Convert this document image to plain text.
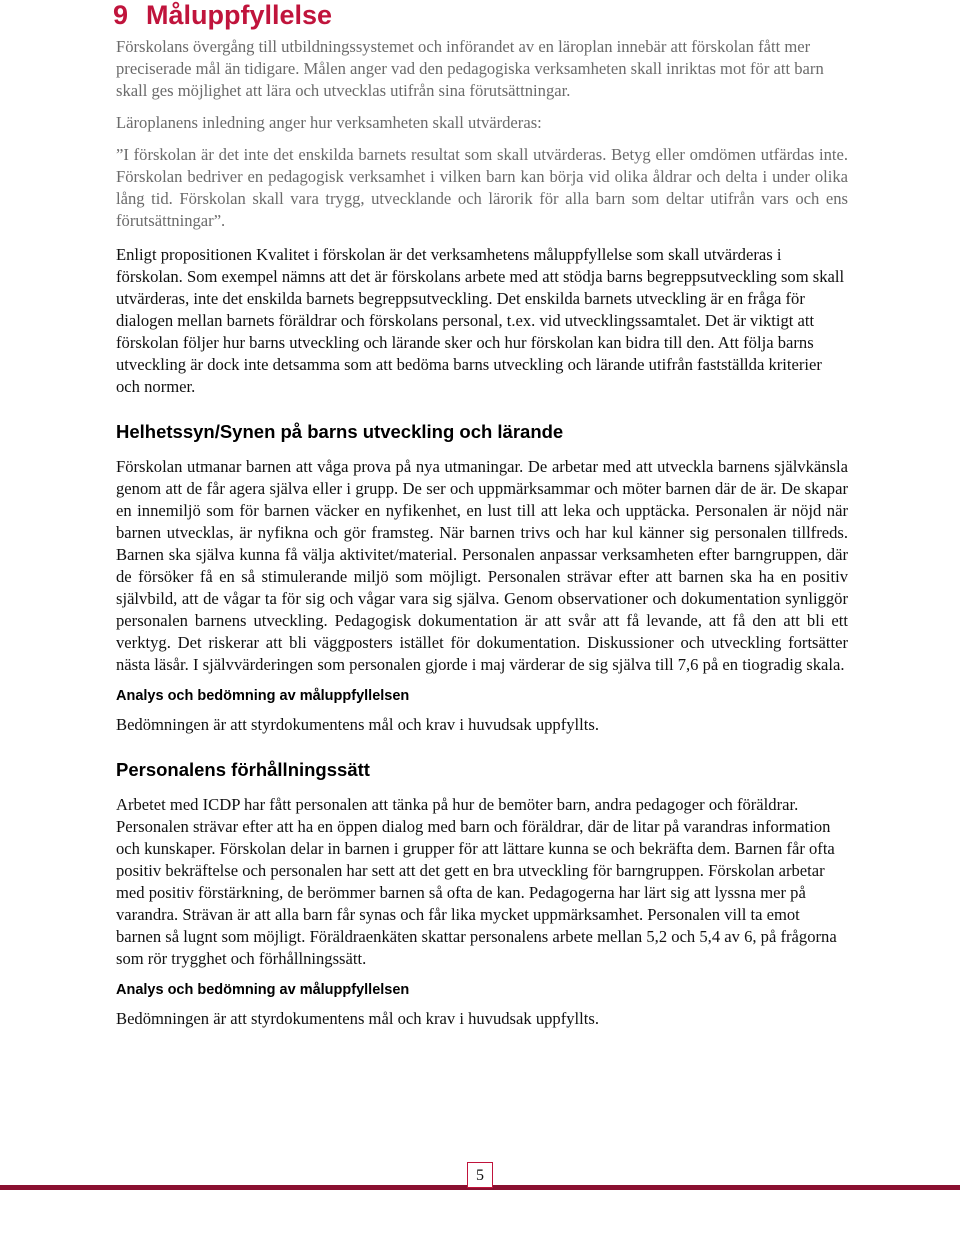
9 Måluppfyllelse

Förskolans övergång till utbildningssystemet och införandet av en läroplan innebär att förskolan fått mer preciserade mål än tidigare. Målen anger vad den pedagogiska verksamheten skall inriktas mot för att barn skall ges möjlighet att lära och utvecklas utifrån sina förutsättningar.

Läroplanens inledning anger hur verksamheten skall utvärderas:

”I förskolan är det inte det enskilda barnets resultat som skall utvärderas. Betyg eller omdömen utfärdas inte. Förskolan bedriver en pedagogisk verksamhet i vilken barn kan börja vid olika åldrar och delta i under olika lång tid. Förskolan skall vara trygg, utvecklande och lärorik för alla barn som deltar utifrån vars och ens förutsättningar”.

Enligt propositionen Kvalitet i förskolan är det verksamhetens måluppfyllelse som skall utvärderas i förskolan. Som exempel nämns att det är förskolans arbete med att stödja barns begreppsutveckling som skall utvärderas, inte det enskilda barnets begreppsutveckling. Det enskilda barnets utveckling är en fråga för dialogen mellan barnets föräldrar och förskolans personal, t.ex. vid utvecklingssamtalet. Det är viktigt att förskolan följer hur barns utveckling och lärande sker och hur förskolan kan bidra till den. Att följa barns utveckling är dock inte detsamma som att bedöma barns utveckling och lärande utifrån fastställda kriterier och normer.

Helhetssyn/Synen på barns utveckling och lärande

Förskolan utmanar barnen att våga prova på nya utmaningar. De arbetar med att utveckla barnens självkänsla genom att de får agera själva eller i grupp. De ser och uppmärksammar och möter barnen där de är. De skapar en innemiljö som för barnen väcker en nyfikenhet, en lust till att leka och upptäcka. Personalen är nöjd när barnen utvecklas, är nyfikna och gör framsteg. När barnen trivs och har kul känner sig personalen tillfreds. Barnen ska själva kunna få välja aktivitet/material. Personalen anpassar verksamheten efter barngruppen, där de försöker få en så stimulerande miljö som möjligt. Personalen strävar efter att barnen ska ha en positiv självbild, att de vågar ta för sig och vågar vara sig själva. Genom observationer och dokumentation synliggör personalen barnens utveckling. Pedagogisk dokumentation är att svår att få levande, att få den att bli ett verktyg. Det riskerar att bli väggposters istället för dokumentation. Diskussioner och utveckling fortsätter nästa läsår. I självvärderingen som personalen gjorde i maj värderar de sig själva till 7,6 på en tiogradig skala.

Analys och bedömning av måluppfyllelsen

Bedömningen är att styrdokumentens mål och krav i huvudsak uppfyllts.

Personalens förhållningssätt

Arbetet med ICDP har fått personalen att tänka på hur de bemöter barn, andra pedagoger och föräldrar. Personalen strävar efter att ha en öppen dialog med barn och föräldrar, där de litar på varandras information och kunskaper. Förskolan delar in barnen i grupper för att lättare kunna se och bekräfta dem. Barnen får ofta positiv bekräftelse och personalen har sett att det gett en bra utveckling för barngruppen. Förskolan arbetar med positiv förstärkning, de berömmer barnen så ofta de kan. Pedagogerna har lärt sig att lyssna mer på varandra. Strävan är att alla barn får synas och får lika mycket uppmärksamhet. Personalen vill ta emot barnen så lugnt som möjligt. Föräldraenkäten skattar personalens arbete mellan 5,2 och 5,4 av 6, på frågorna som rör trygghet och förhållningssätt.

Analys och bedömning av måluppfyllelsen

Bedömningen är att styrdokumentens mål och krav i huvudsak uppfyllts.

5
